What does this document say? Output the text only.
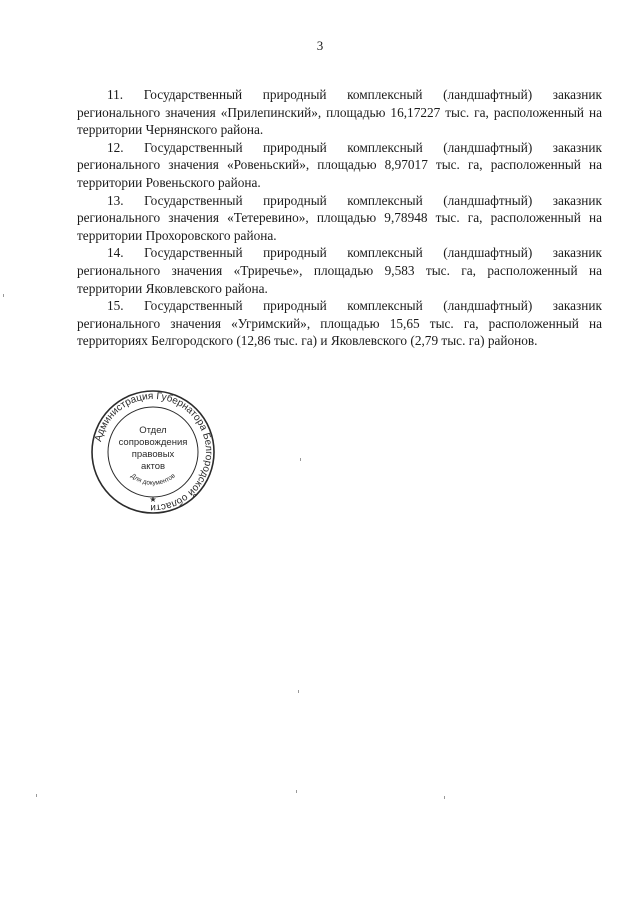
3

11. Государственный природный комплексный (ландшафтный) заказник регионального значения «Прилепинский», площадью 16,17227 тыс. га, расположенный на территории Чернянского района.

12. Государственный природный комплексный (ландшафтный) заказник регионального значения «Ровеньский», площадью 8,97017 тыс. га, расположенный на территории Ровеньского района.

13. Государственный природный комплексный (ландшафтный) заказник регионального значения «Тетеревино», площадью 9,78948 тыс. га, расположенный на территории Прохоровского района.

14. Государственный природный комплексный (ландшафтный) заказник регионального значения «Триречье», площадью 9,583 тыс. га, расположенный на территории Яковлевского района.

15. Государственный природный комплексный (ландшафтный) заказник регионального значения «Угримский», площадью 15,65 тыс. га, расположенный на территориях Белгородского (12,86 тыс. га) и Яковлевского (2,79 тыс. га) районов.

Администрация Губернатора Белгородской области
Для документов
Отдел
сопровождения
правовых
актов
★
